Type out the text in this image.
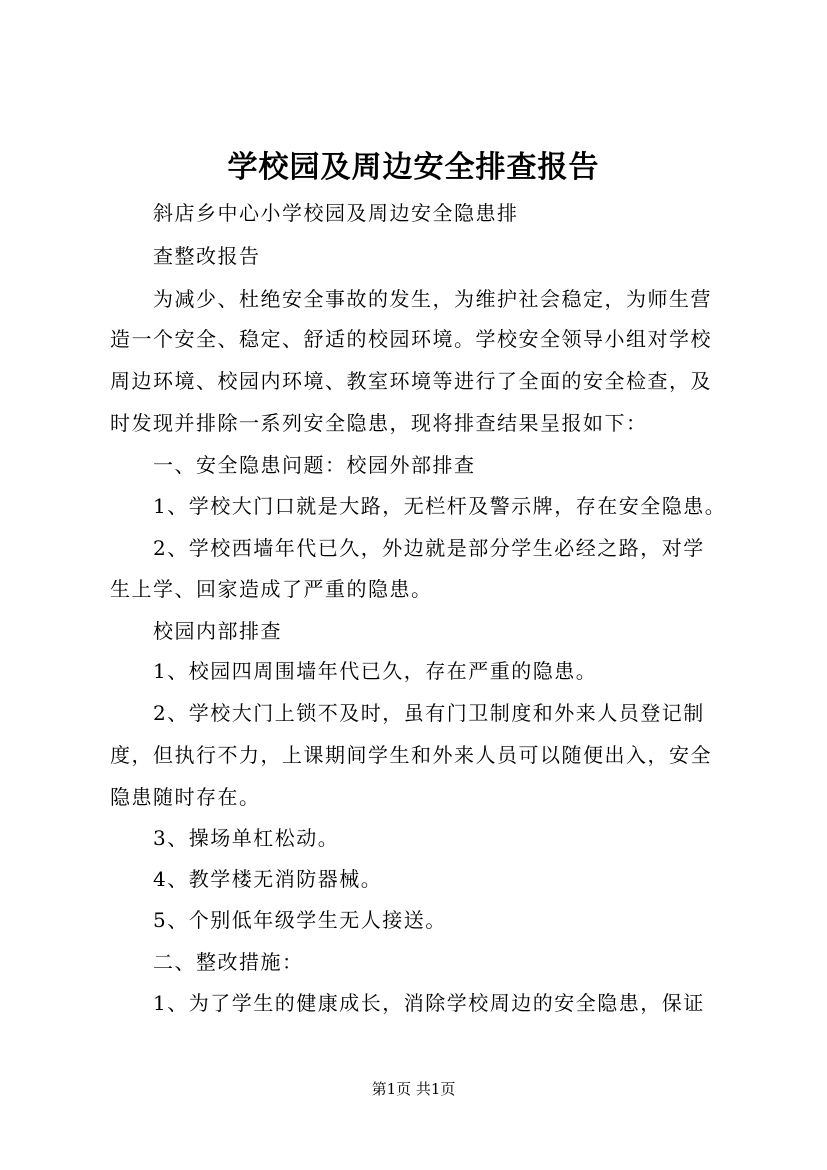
学校园及周边安全排查报告
斜店乡中心小学校园及周边安全隐患排
查整改报告
为减少、杜绝安全事故的发生，为维护社会稳定，为师生营
造一个安全、稳定、舒适的校园环境。学校安全领导小组对学校
周边环境、校园内环境、教室环境等进行了全面的安全检查，及
时发现并排除一系列安全隐患，现将排查结果呈报如下：
一、安全隐患问题：校园外部排查
1、学校大门口就是大路，无栏杆及警示牌，存在安全隐患。
2、学校西墙年代已久，外边就是部分学生必经之路，对学
生上学、回家造成了严重的隐患。
校园内部排查
1、校园四周围墙年代已久，存在严重的隐患。
2、学校大门上锁不及时，虽有门卫制度和外来人员登记制
度，但执行不力，上课期间学生和外来人员可以随便出入，安全
隐患随时存在。
3、操场单杠松动。
4、教学楼无消防器械。
5、个别低年级学生无人接送。
二、整改措施：
1、为了学生的健康成长，消除学校周边的安全隐患，保证
第1页 共1页
